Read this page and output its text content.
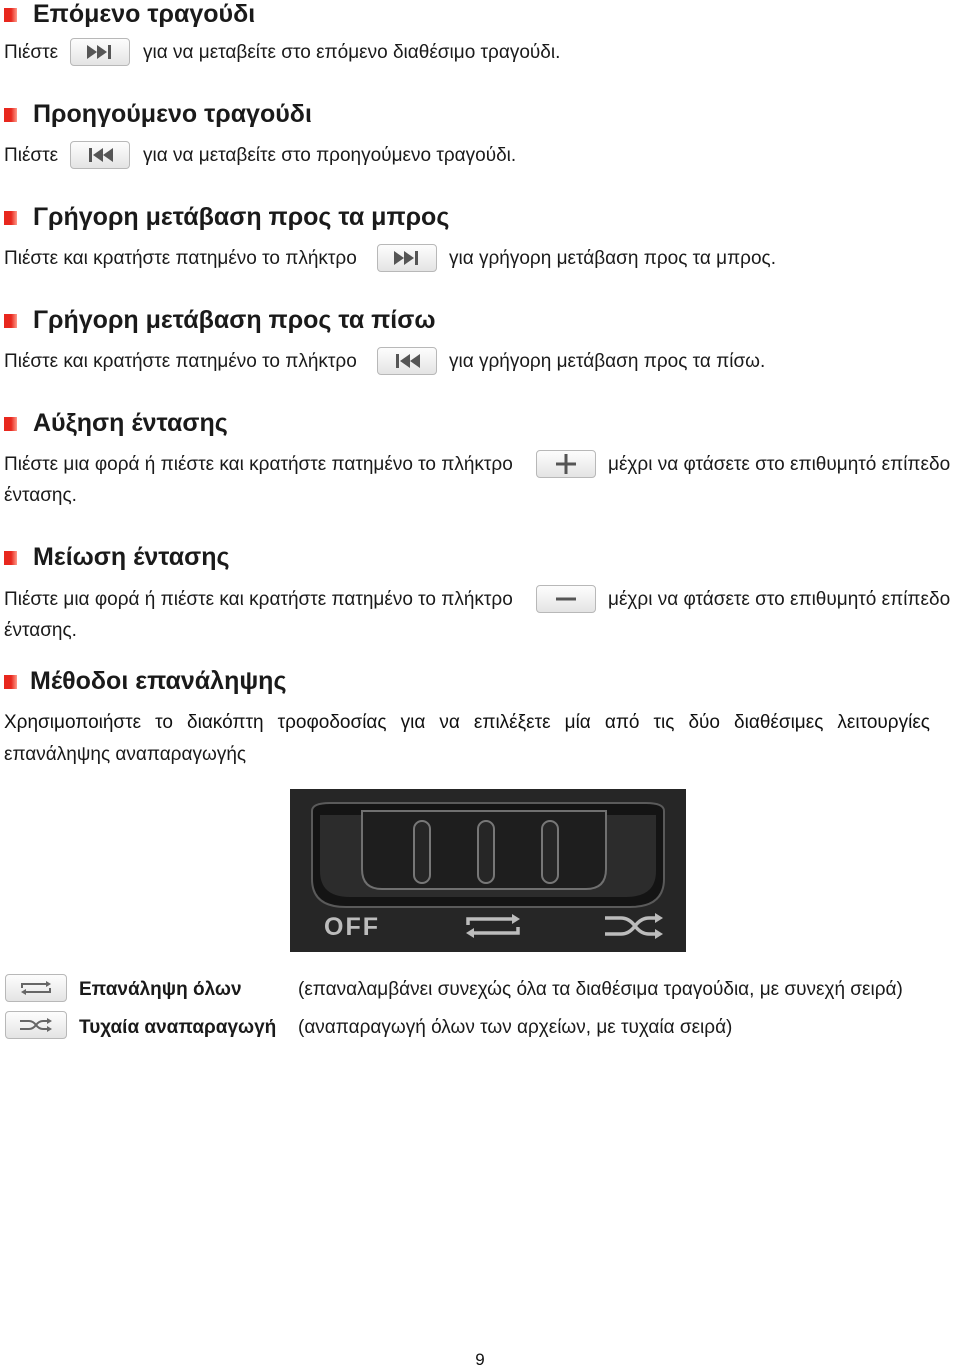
Επόμενο τραγούδι
Πιέστε	για να μεταβείτε στο επόμενο διαθέσιμο τραγούδι.
Προηγούμενο τραγούδι
Πιέστε	για να μεταβείτε στο προηγούμενο τραγούδι.
Γρήγορη μετάβαση προς τα μπρος
Πιέστε και κρατήστε πατημένο το πλήκτρο	για γρήγορη μετάβαση προς τα μπρος.
Γρήγορη μετάβαση προς τα πίσω
Πιέστε και κρατήστε πατημένο το πλήκτρο	για γρήγορη μετάβαση προς τα πίσω.
Αύξηση έντασης
Πιέστε μια φορά ή πιέστε και κρατήστε πατημένο το πλήκτρο	μέχρι να φτάσετε στο επιθυμητό επίπεδο
έντασης.
Μείωση έντασης
Πιέστε μια φορά ή πιέστε και κρατήστε πατημένο το πλήκτρο	μέχρι να φτάσετε στο επιθυμητό επίπεδο
έντασης.
Μέθοδοι επανάληψης
Χρησιμοποιήστε το διακόπτη τροφοδοσίας για να επιλέξετε μία από τις δύο διαθέσιμες λειτουργίες
επανάληψης αναπαραγωγής
OFF
Επανάληψη όλων	(επαναλαμβάνει συνεχώς όλα τα διαθέσιμα τραγούδια, με συνεχή σειρά)
Τυχαία αναπαραγωγή (αναπαραγωγή όλων των αρχείων, με τυχαία σειρά)
9
